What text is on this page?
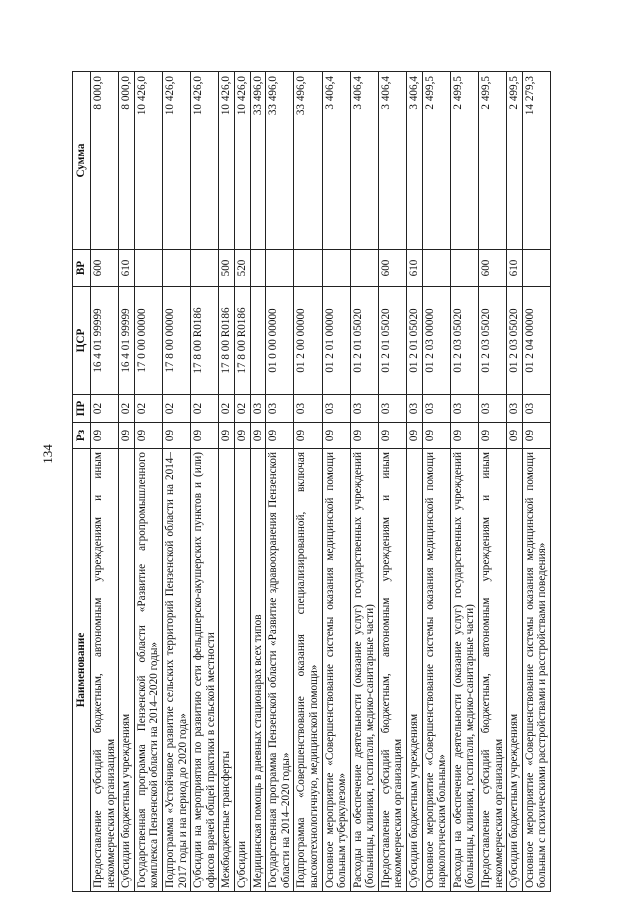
134
Наименование	Рз	ПР	ЦСР	ВР	Сумма
Предоставление субсидий бюджетным, автономным учреждениям и иным некоммерческим организациям	09	02	16 4 01 99999	600	8 000,0
Субсидии бюджетным учреждениям	09	02	16 4 01 99999	610	8 000,0
Государственная программа Пензенской области «Развитие агропромышленного комплекса Пензенской области на 2014–2020 годы»	09	02	17 0 00 00000		10 426,0
Подпрограмма «Устойчивое развитие сельских территорий Пензенской области на 2014–2017 годы и на период до 2020 года»	09	02	17 8 00 00000		10 426,0
Субсидии на мероприятия по развитию сети фельдшерско-акушерских пунктов и (или) офисов врачей общей практики в сельской местности	09	02	17 8 00 R0186		10 426,0
Межбюджетные трансферты	09	02	17 8 00 R0186	500	10 426,0
Субсидии	09	02	17 8 00 R0186	520	10 426,0
Медицинская помощь в дневных стационарах всех типов	09	03			33 496,0
Государственная программа Пензенской области «Развитие здравоохранения Пензенской области на 2014–2020 годы»	09	03	01 0 00 00000		33 496,0
Подпрограмма «Совершенствование оказания специализированной, включая высокотехнологичную, медицинской помощи»	09	03	01 2 00 00000		33 496,0
Основное мероприятие «Совершенствование системы оказания медицинской помощи больным туберкулезом»	09	03	01 2 01 00000		3 406,4
Расходы на обеспечение деятельности (оказание услуг) государственных учреждений (больницы, клиники, госпитали, медико-санитарные части)	09	03	01 2 01 05020		3 406,4
Предоставление субсидий бюджетным, автономным учреждениям и иным некоммерческим организациям	09	03	01 2 01 05020	600	3 406,4
Субсидии бюджетным учреждениям	09	03	01 2 01 05020	610	3 406,4
Основное мероприятие «Совершенствование системы оказания медицинской помощи наркологическим больным»	09	03	01 2 03 00000		2 499,5
Расходы на обеспечение деятельности (оказание услуг) государственных учреждений (больницы, клиники, госпитали, медико-санитарные части)	09	03	01 2 03 05020		2 499,5
Предоставление субсидий бюджетным, автономным учреждениям и иным некоммерческим организациям	09	03	01 2 03 05020	600	2 499,5
Субсидии бюджетным учреждениям	09	03	01 2 03 05020	610	2 499,5
Основное мероприятие «Совершенствование системы оказания медицинской помощи больным с психическими расстройствами и расстройствами поведения»	09	03	01 2 04 00000		14 279,3
